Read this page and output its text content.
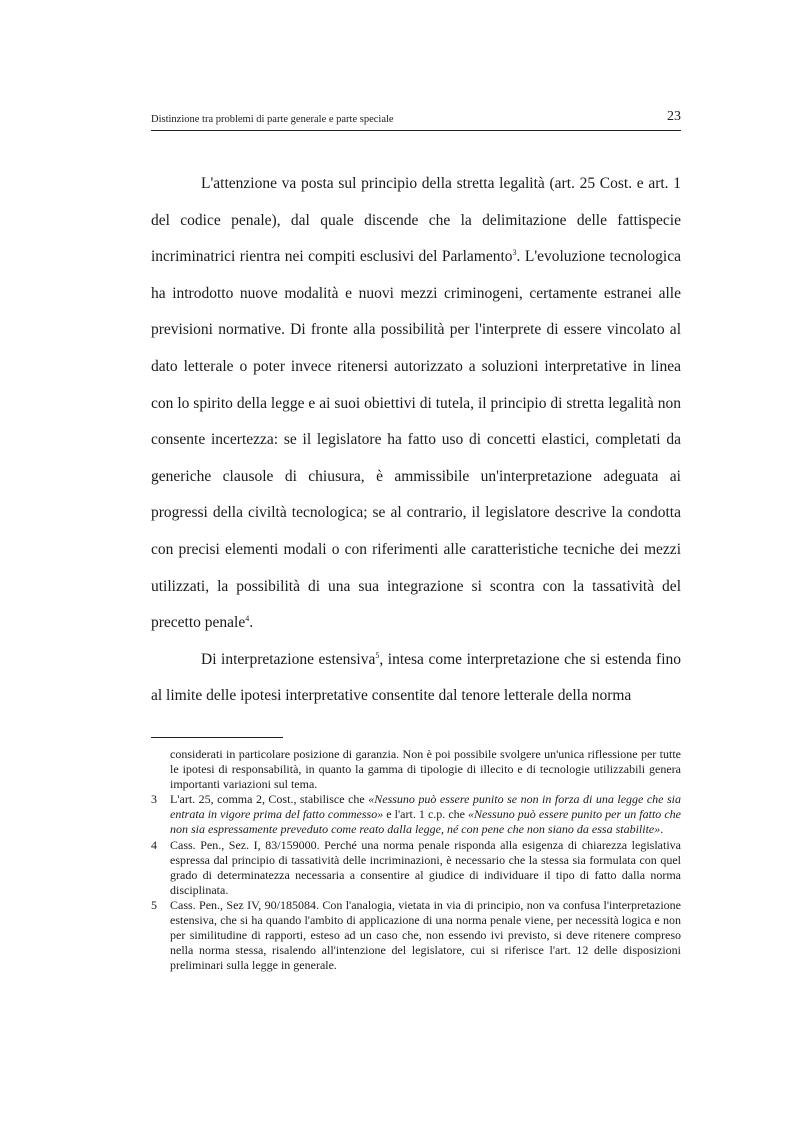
Distinzione tra problemi di parte generale e parte speciale	23

L'attenzione va posta sul principio della stretta legalità (art. 25 Cost. e art. 1 del codice penale), dal quale discende che la delimitazione delle fattispecie incriminatrici rientra nei compiti esclusivi del Parlamento$^3$. L'evoluzione tecnologica ha introdotto nuove modalità e nuovi mezzi criminogeni, certamente estranei alle previsioni normative. Di fronte alla possibilità per l'interprete di essere vincolato al dato letterale o poter invece ritenersi autorizzato a soluzioni interpretative in linea con lo spirito della legge e ai suoi obiettivi di tutela, il principio di stretta legalità non consente incertezza: se il legislatore ha fatto uso di concetti elastici, completati da generiche clausole di chiusura, è ammissibile un'interpretazione adeguata ai progressi della civiltà tecnologica; se al contrario, il legislatore descrive la condotta con precisi elementi modali o con riferimenti alle caratteristiche tecniche dei mezzi utilizzati, la possibilità di una sua integrazione si scontra con la tassatività del precetto penale$^4$.

Di interpretazione estensiva$^5$, intesa come interpretazione che si estenda fino al limite delle ipotesi interpretative consentite dal tenore letterale della norma

considerati in particolare posizione di garanzia. Non è poi possibile svolgere un'unica riflessione per tutte le ipotesi di responsabilità, in quanto la gamma di tipologie di illecito e di tecnologie utilizzabili genera importanti variazioni sul tema.

3 L'art. 25, comma 2, Cost., stabilisce che «Nessuno può essere punito se non in forza di una legge che sia entrata in vigore prima del fatto commesso» e l'art. 1 c.p. che «Nessuno può essere punito per un fatto che non sia espressamente preveduto come reato dalla legge, né con pene che non siano da essa stabilite».

4 Cass. Pen., Sez. I, 83/159000. Perché una norma penale risponda alla esigenza di chiarezza legislativa espressa dal principio di tassatività delle incriminazioni, è necessario che la stessa sia formulata con quel grado di determinatezza necessaria a consentire al giudice di individuare il tipo di fatto dalla norma disciplinata.

5 Cass. Pen., Sez IV, 90/185084. Con l'analogia, vietata in via di principio, non va confusa l'interpretazione estensiva, che si ha quando l'ambito di applicazione di una norma penale viene, per necessità logica e non per similitudine di rapporti, esteso ad un caso che, non essendo ivi previsto, si deve ritenere compreso nella norma stessa, risalendo all'intenzione del legislatore, cui si riferisce l'art. 12 delle disposizioni preliminari sulla legge in generale.
